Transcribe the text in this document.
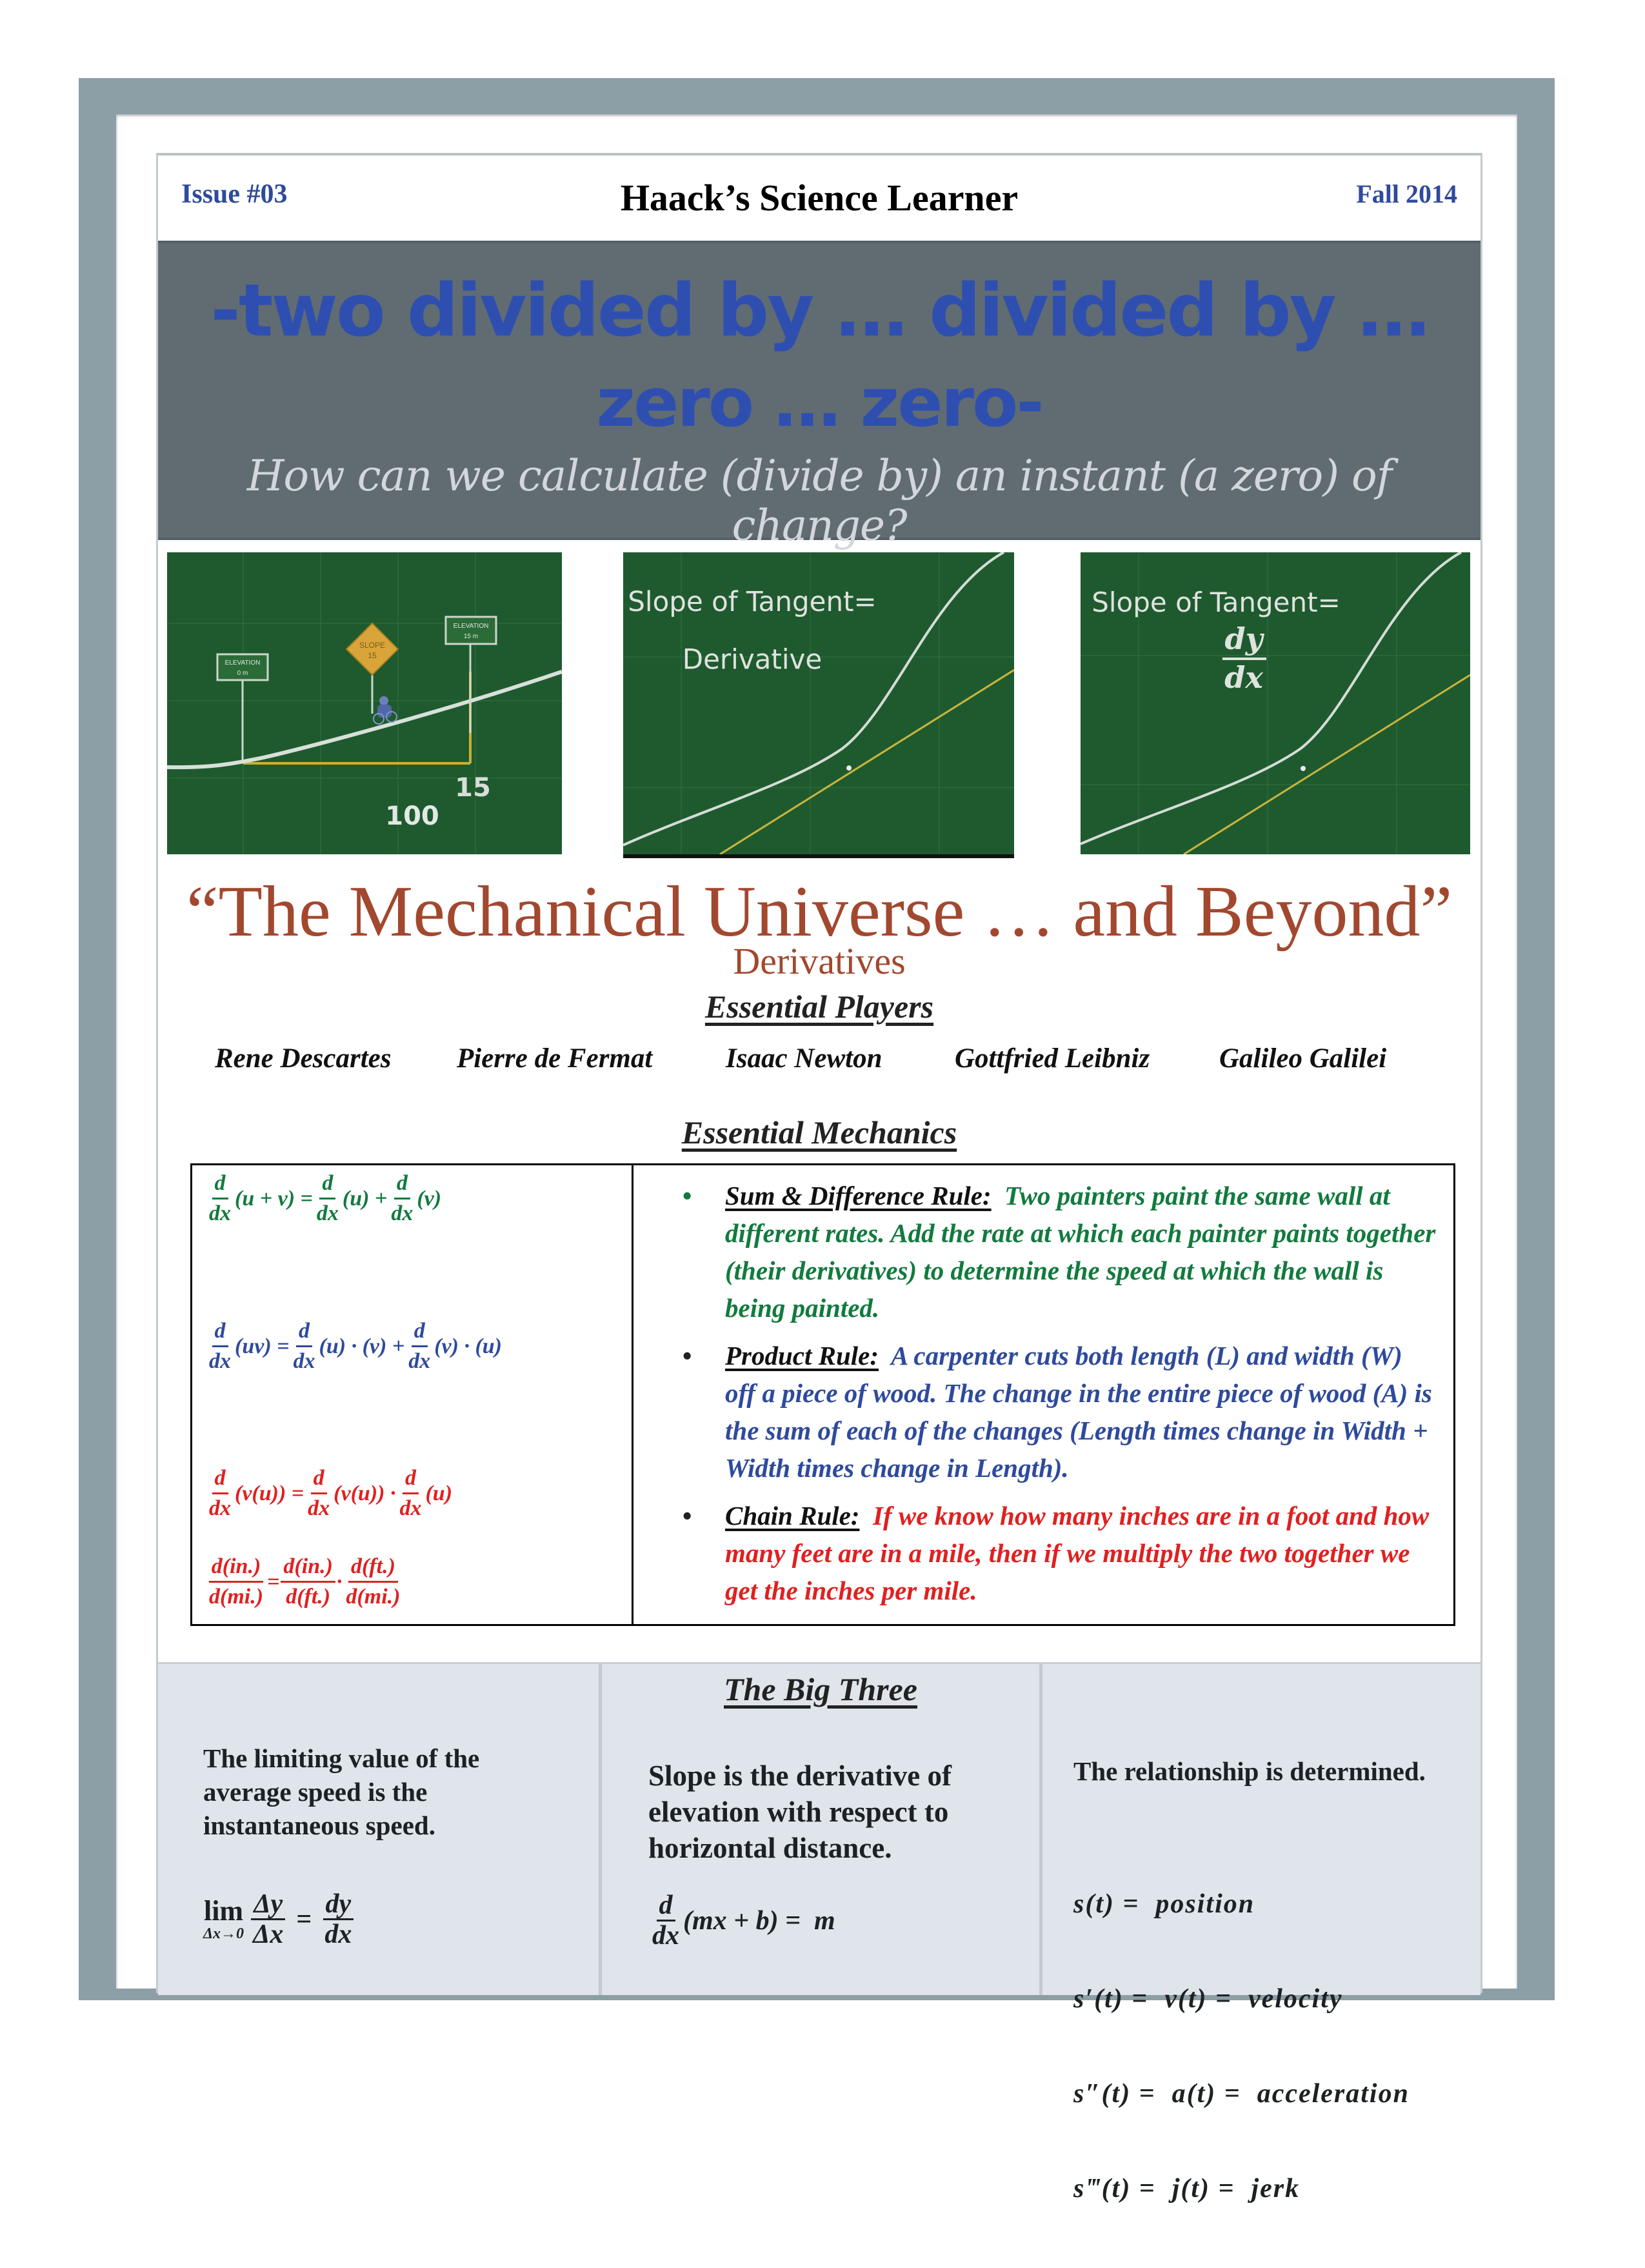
Issue #03	Haack’s Science Learner	Fall 2014
-two divided by … divided by …
zero … zero-
How can we calculate (divide by) an instant (a zero) of change?
ELEVATION
0 m
ELEVATION
15 m
SLOPE
15
15
100
Slope of Tangent=
Derivative
Slope of Tangent=
dy
dx
“The Mechanical Universe … and Beyond”
Derivatives
Essential Players
Rene Descartes Pierre de Fermat	Isaac Newton	Gottfried Leibniz	Galileo Galilei
Essential Mechanics
$\frac{d}{dx} (u + v) = \frac{d}{dx} (u) + \frac{d}{dx} (v)$
$\frac{d}{dx} (uv) = \frac{d}{dx} (u) \cdot (v) + \frac{d}{dx} (v) \cdot (u)$
$\frac{d}{dx} (v(u)) = \frac{d}{dx} (v(u)) \cdot \frac{d}{dx} (u)$
$\frac{d(in.)}{d(mi.)} = \frac{d(in.)}{d(ft.)} \cdot \frac{d(ft.)}{d(mi.)}$
• Sum & Difference Rule: Two painters paint the same wall at different rates. Add the rate at which each painter paints together (their derivatives) to determine the speed at which the wall is being painted.
• Product Rule: A carpenter cuts both length (L) and width (W) off a piece of wood. The change in the entire piece of wood (A) is the sum of each of the changes (Length times change in Width + Width times change in Length).
• Chain Rule: If we know how many inches are in a foot and how many feet are in a mile, then if we multiply the two together we get the inches per mile.
The limiting value of the average speed is the instantaneous speed.
lim
$\Delta x\to 0 \frac{\Delta y}{\Delta x} = \frac{dy}{dx}$
The Big Three
Slope is the derivative of elevation with respect to horizontal distance.
$\frac{d}{dx} (mx + b) = m$
The relationship is determined.

s(t) =  position

s′(t) =  v(t) =  velocity

s″(t) =  a(t) =  acceleration

s‴(t) =  j(t) =  jerk
